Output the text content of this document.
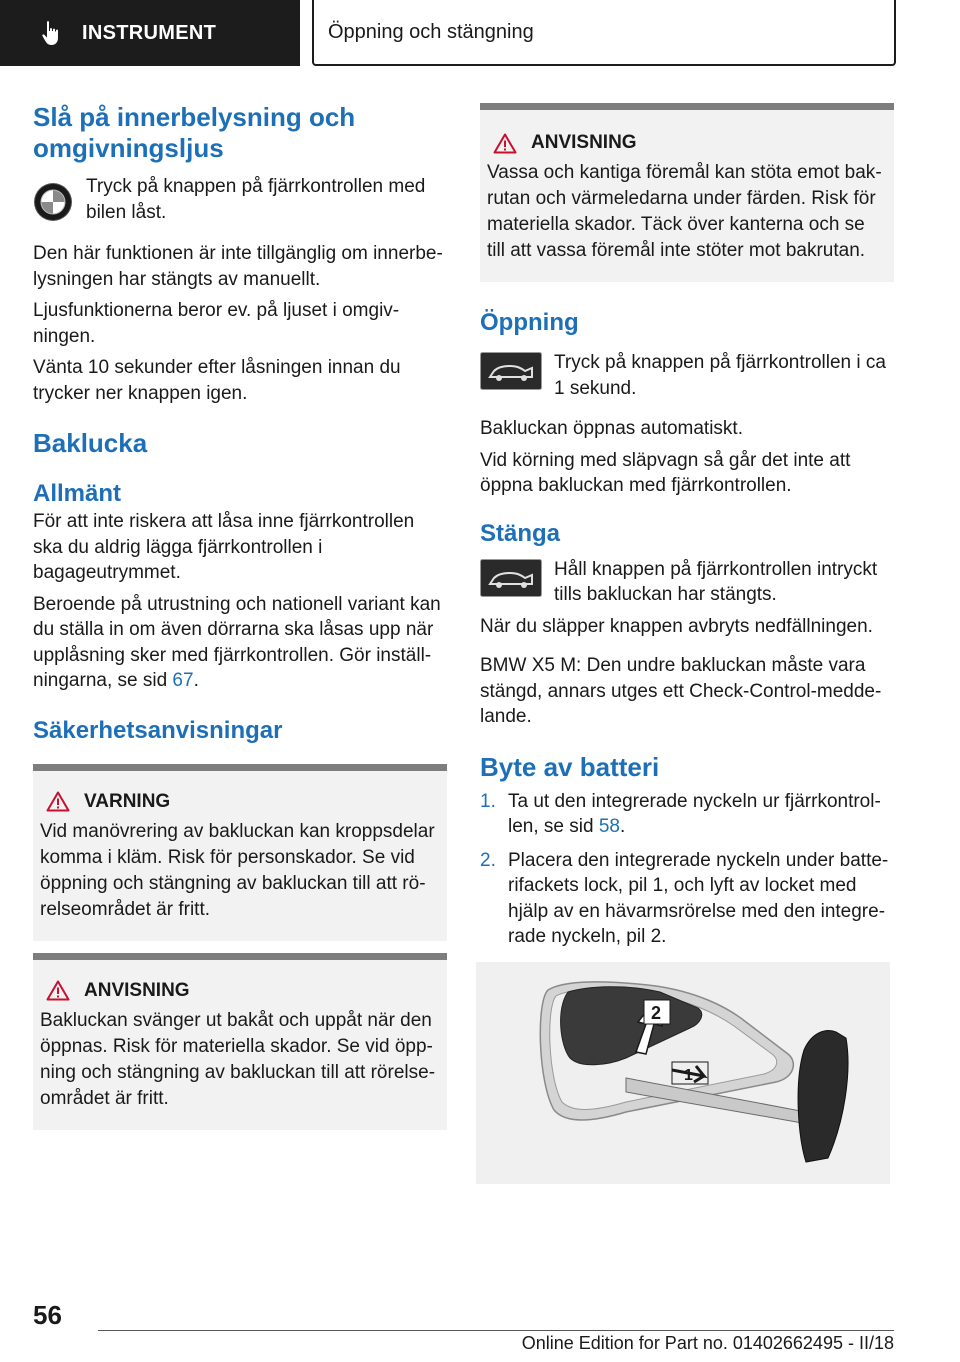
INSTRUMENT	Öppning och stängning
Slå på innerbelysning och omgivningsljus

Tryck på knappen på fjärrkontrollen med bilen låst.

Den här funktionen är inte tillgänglig om innerbelysningen har stängts av manuellt.

Ljusfunktionerna beror ev. på ljuset i omgivningen.

Vänta 10 sekunder efter låsningen innan du trycker ner knappen igen.

Baklucka
Allmänt

För att inte riskera att låsa inne fjärrkontrollen ska du aldrig lägga fjärrkontrollen i bagageutrymmet.

Beroende på utrustning och nationell variant kan du ställa in om även dörrarna ska låsas upp när upplåsning sker med fjärrkontrollen. Gör inställningarna, se sid 67.

Säkerhetsanvisningar
VARNING

Vid manövrering av bakluckan kan kroppsdelar komma i kläm. Risk för personskador. Se vid öppning och stängning av bakluckan till att rörelseområdet är fritt.

ANVISNING

Bakluckan svänger ut bakåt och uppåt när den öppnas. Risk för materiella skador. Se vid öppning och stängning av bakluckan till att rörelseområdet är fritt.

ANVISNING

Vassa och kantiga föremål kan stöta emot bakrutan och värmeledarna under färden. Risk för materiella skador. Täck över kanterna och se till att vassa föremål inte stöter mot bakrutan.

Öppning

Tryck på knappen på fjärrkontrollen i ca 1 sekund.

Bakluckan öppnas automatiskt.

Vid körning med släpvagn så går det inte att öppna bakluckan med fjärrkontrollen.

Stänga

Håll knappen på fjärrkontrollen intryckt tills bakluckan har stängts.

När du släpper knappen avbryts nedfällningen.

BMW X5 M: Den undre bakluckan måste vara stängd, annars utges ett Check-Control-meddelande.

Byte av batteri
1. Ta ut den integrerade nyckeln ur fjärrkontrollen, se sid 58.
2. Placera den integrerade nyckeln under batterifackets lock, pil 1, och lyft av locket med hjälp av en hävarmsrörelse med den integrerade nyckeln, pil 2.
2
1
56
Online Edition for Part no. 01402662495 - II/18
